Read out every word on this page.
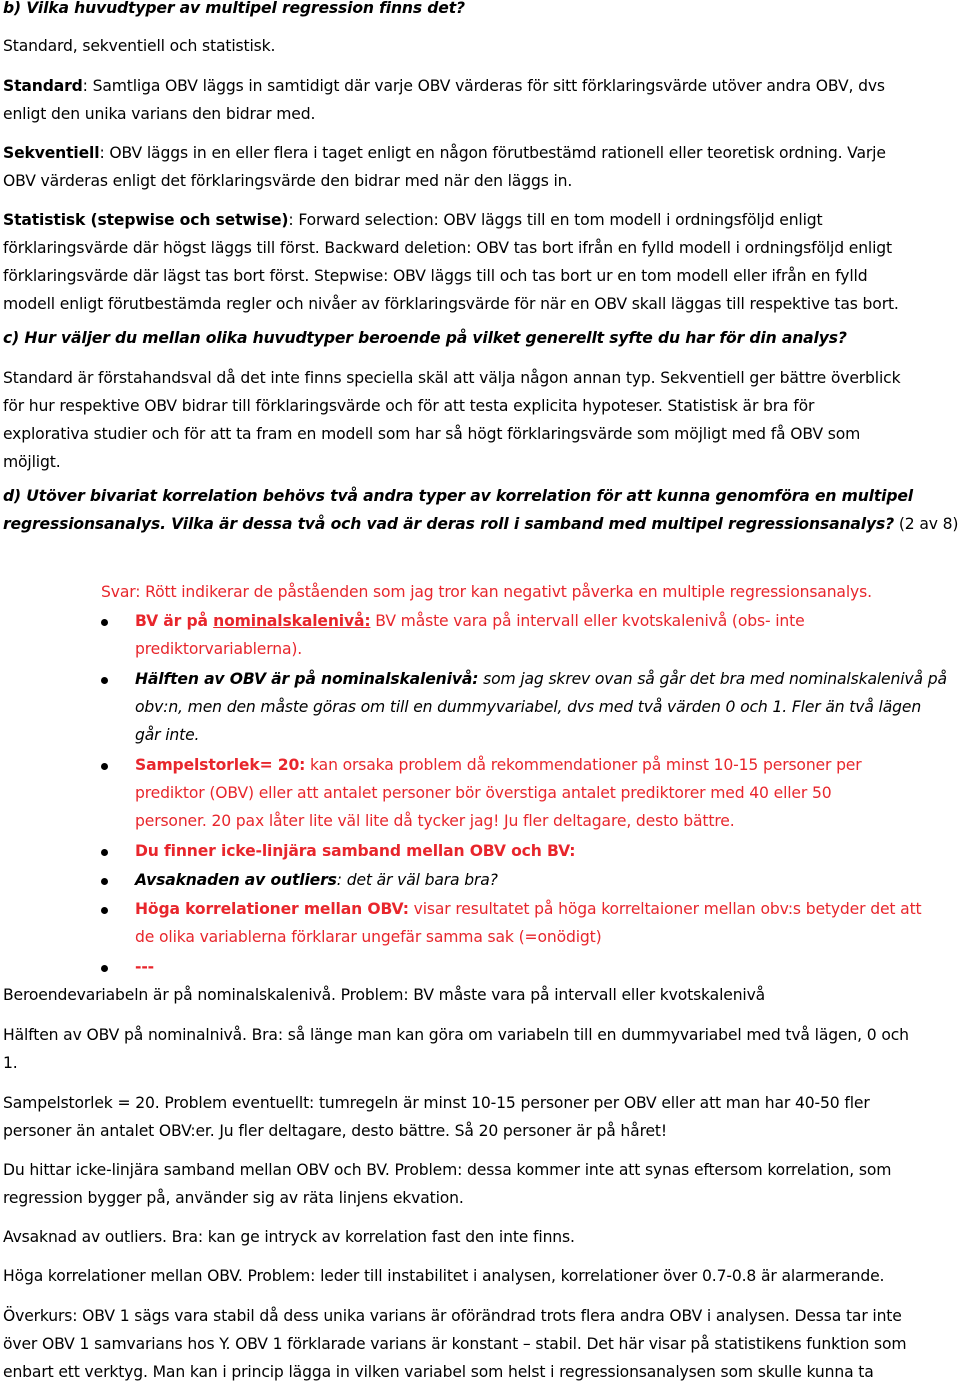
b) Vilka huvudtyper av multipel regression finns det?

Standard, sekventiell och statistisk.

Standard: Samtliga OBV läggs in samtidigt där varje OBV värderas för sitt förklaringsvärde utöver andra OBV, dvs

enligt den unika varians den bidrar med.

Sekventiell: OBV läggs in en eller flera i taget enligt en någon förutbestämd rationell eller teoretisk ordning. Varje

OBV värderas enligt det förklaringsvärde den bidrar med när den läggs in.

Statistisk (stepwise och setwise): Forward selection: OBV läggs till en tom modell i ordningsföljd enligt

förklaringsvärde där högst läggs till först. Backward deletion: OBV tas bort ifrån en fylld modell i ordningsföljd enligt

förklaringsvärde där lägst tas bort först. Stepwise: OBV läggs till och tas bort ur en tom modell eller ifrån en fylld

modell enligt förutbestämda regler och nivåer av förklaringsvärde för när en OBV skall läggas till respektive tas bort.

c) Hur väljer du mellan olika huvudtyper beroende på vilket generellt syfte du har för din analys?

Standard är förstahandsval då det inte finns speciella skäl att välja någon annan typ. Sekventiell ger bättre överblick

för hur respektive OBV bidrar till förklaringsvärde och för att testa explicita hypoteser. Statistisk är bra för

explorativa studier och för att ta fram en modell som har så högt förklaringsvärde som möjligt med få OBV som

möjligt.

d) Utöver bivariat korrelation behövs två andra typer av korrelation för att kunna genomföra en multipel

regressionsanalys. Vilka är dessa två och vad är deras roll i samband med multipel regressionsanalys? (2 av 8)

Svar: Rött indikerar de påståenden som jag tror kan negativt påverka en multiple regressionsanalys.

BV är på nominalskalenivå: BV måste vara på intervall eller kvotskalenivå (obs- inte

prediktorvariablerna).

Hälften av OBV är på nominalskalenivå: som jag skrev ovan så går det bra med nominalskalenivå på

obv:n, men den måste göras om till en dummyvariabel, dvs med två värden 0 och 1. Fler än två lägen

går inte.

Sampelstorlek= 20: kan orsaka problem då rekommendationer på minst 10-15 personer per

prediktor (OBV) eller att antalet personer bör överstiga antalet prediktorer med 40 eller 50

personer. 20 pax låter lite väl lite då tycker jag! Ju fler deltagare, desto bättre.

Du finner icke-linjära samband mellan OBV och BV:

Avsaknaden av outliers: det är väl bara bra?

Höga korrelationer mellan OBV: visar resultatet på höga korreltaioner mellan obv:s betyder det att

de olika variablerna förklarar ungefär samma sak (=onödigt)

---

Beroendevariabeln är på nominalskalenivå. Problem: BV måste vara på intervall eller kvotskalenivå

Hälften av OBV på nominalnivå. Bra: så länge man kan göra om variabeln till en dummyvariabel med två lägen, 0 och

1.

Sampelstorlek = 20. Problem eventuellt: tumregeln är minst 10-15 personer per OBV eller att man har 40-50 fler

personer än antalet OBV:er. Ju fler deltagare, desto bättre. Så 20 personer är på håret!

Du hittar icke-linjära samband mellan OBV och BV. Problem: dessa kommer inte att synas eftersom korrelation, som

regression bygger på, använder sig av räta linjens ekvation.

Avsaknad av outliers. Bra: kan ge intryck av korrelation fast den inte finns.

Höga korrelationer mellan OBV. Problem: leder till instabilitet i analysen, korrelationer över 0.7-0.8 är alarmerande.

Överkurs: OBV 1 sägs vara stabil då dess unika varians är oförändrad trots flera andra OBV i analysen. Dessa tar inte

över OBV 1 samvarians hos Y. OBV 1 förklarade varians är konstant – stabil. Det här visar på statistikens funktion som

enbart ett verktyg. Man kan i princip lägga in vilken variabel som helst i regressionsanalysen som skulle kunna ta
